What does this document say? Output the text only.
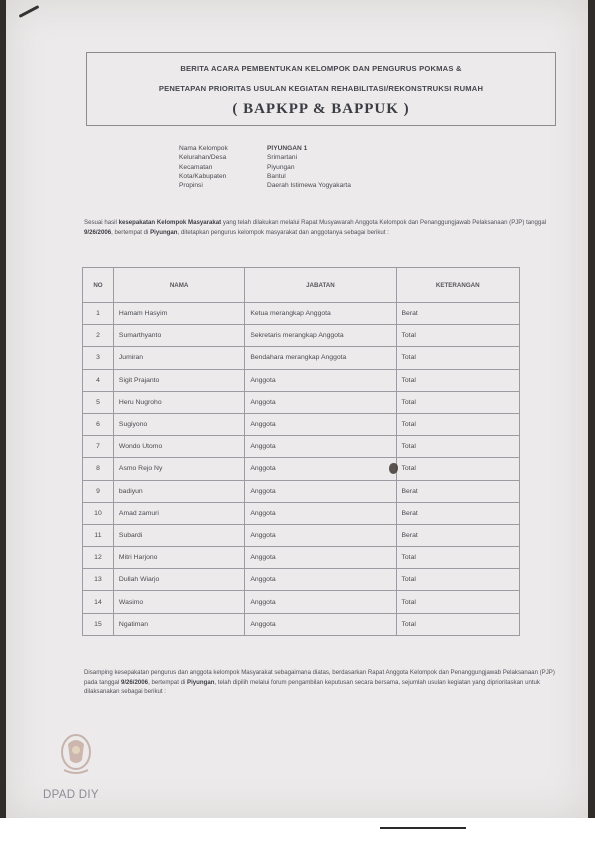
BERITA ACARA PEMBENTUKAN KELOMPOK DAN PENGURUS POKMAS &
PENETAPAN PRIORITAS USULAN KEGIATAN REHABILITASI/REKONSTRUKSI RUMAH
( BAPKPP & BAPPUK )
Nama Kelompok	PIYUNGAN 1
Kelurahan/Desa	Srimartani
Kecamatan	Piyungan
Kota/Kabupaten	Bantul
Propinsi	Daerah Istimewa Yogyakarta
Sesuai hasil kesepakatan Kelompok Masyarakat yang telah dilakukan melalui Rapat Musyawarah Anggota Kelompok dan Penanggungjawab Pelaksanaan (PJP) tanggal 9/26/2006, bertempat di Piyungan, ditetapkan pengurus kelompok masyarakat dan anggotanya sebagai berikut :
NO	NAMA	JABATAN	KETERANGAN
1	Hamam Hasyim	Ketua merangkap Anggota	Berat
2	Sumarthyanto	Sekretaris merangkap Anggota	Total
3	Jumiran	Bendahara merangkap Anggota	Total
4	Sigit Prajanto	Anggota	Total
5	Heru Nugroho	Anggota	Total
6	Sugiyono	Anggota	Total
7	Wondo Utomo	Anggota	Total
8	Asmo Rejo Ny	Anggota	Total
9	badiyun	Anggota	Berat
10	Amad zamuri	Anggota	Berat
11	Subardi	Anggota	Berat
12	Mitri Harjono	Anggota	Total
13	Dullah Wiarjo	Anggota	Total
14	Wasimo	Anggota	Total
15	Ngatiman	Anggota	Total
Disamping kesepakatan pengurus dan anggota kelompok Masyarakat sebagaimana diatas, berdasarkan Rapat Anggota Kelompok dan Penanggungjawab Pelaksanaan (PJP) pada tanggal 9/26/2006, bertempat di Piyungan, telah dipilih melalui forum pengambilan keputusan secara bersama, sejumlah usulan kegiatan yang diprioritaskan untuk dilaksanakan sebagai berikut :
DPAD DIY
